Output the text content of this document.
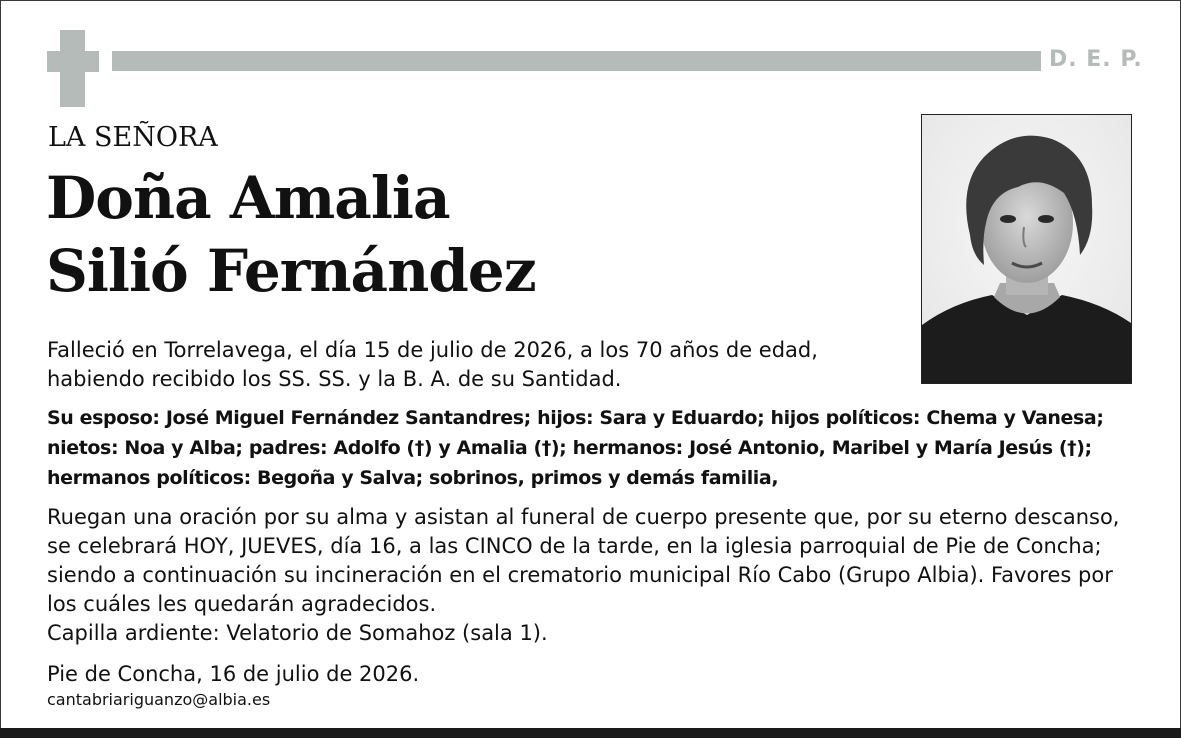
D. E. P.
LA SEÑORA
Doña Amalia
Silió Fernández

Falleció en Torrelavega, el día 15 de julio de 2026, a los 70 años de edad, habiendo recibido los SS. SS. y la B. A. de su Santidad.

Su esposo: José Miguel Fernández Santandres; hijos: Sara y Eduardo; hijos políticos: Chema y Vanesa; nietos: Noa y Alba; padres: Adolfo (†) y Amalia (†); hermanos: José Antonio, Maribel y María Jesús (†); hermanos políticos: Begoña y Salva; sobrinos, primos y demás familia,

Ruegan una oración por su alma y asistan al funeral de cuerpo presente que, por su eterno descanso, se celebrará HOY, JUEVES, día 16, a las CINCO de la tarde, en la iglesia parroquial de Pie de Concha; siendo a continuación su incineración en el crematorio municipal Río Cabo (Grupo Albia). Favores por los cuáles les quedarán agradecidos.
Capilla ardiente: Velatorio de Somahoz (sala 1).

Pie de Concha, 16 de julio de 2026.
cantabriariguanzo@albia.es
